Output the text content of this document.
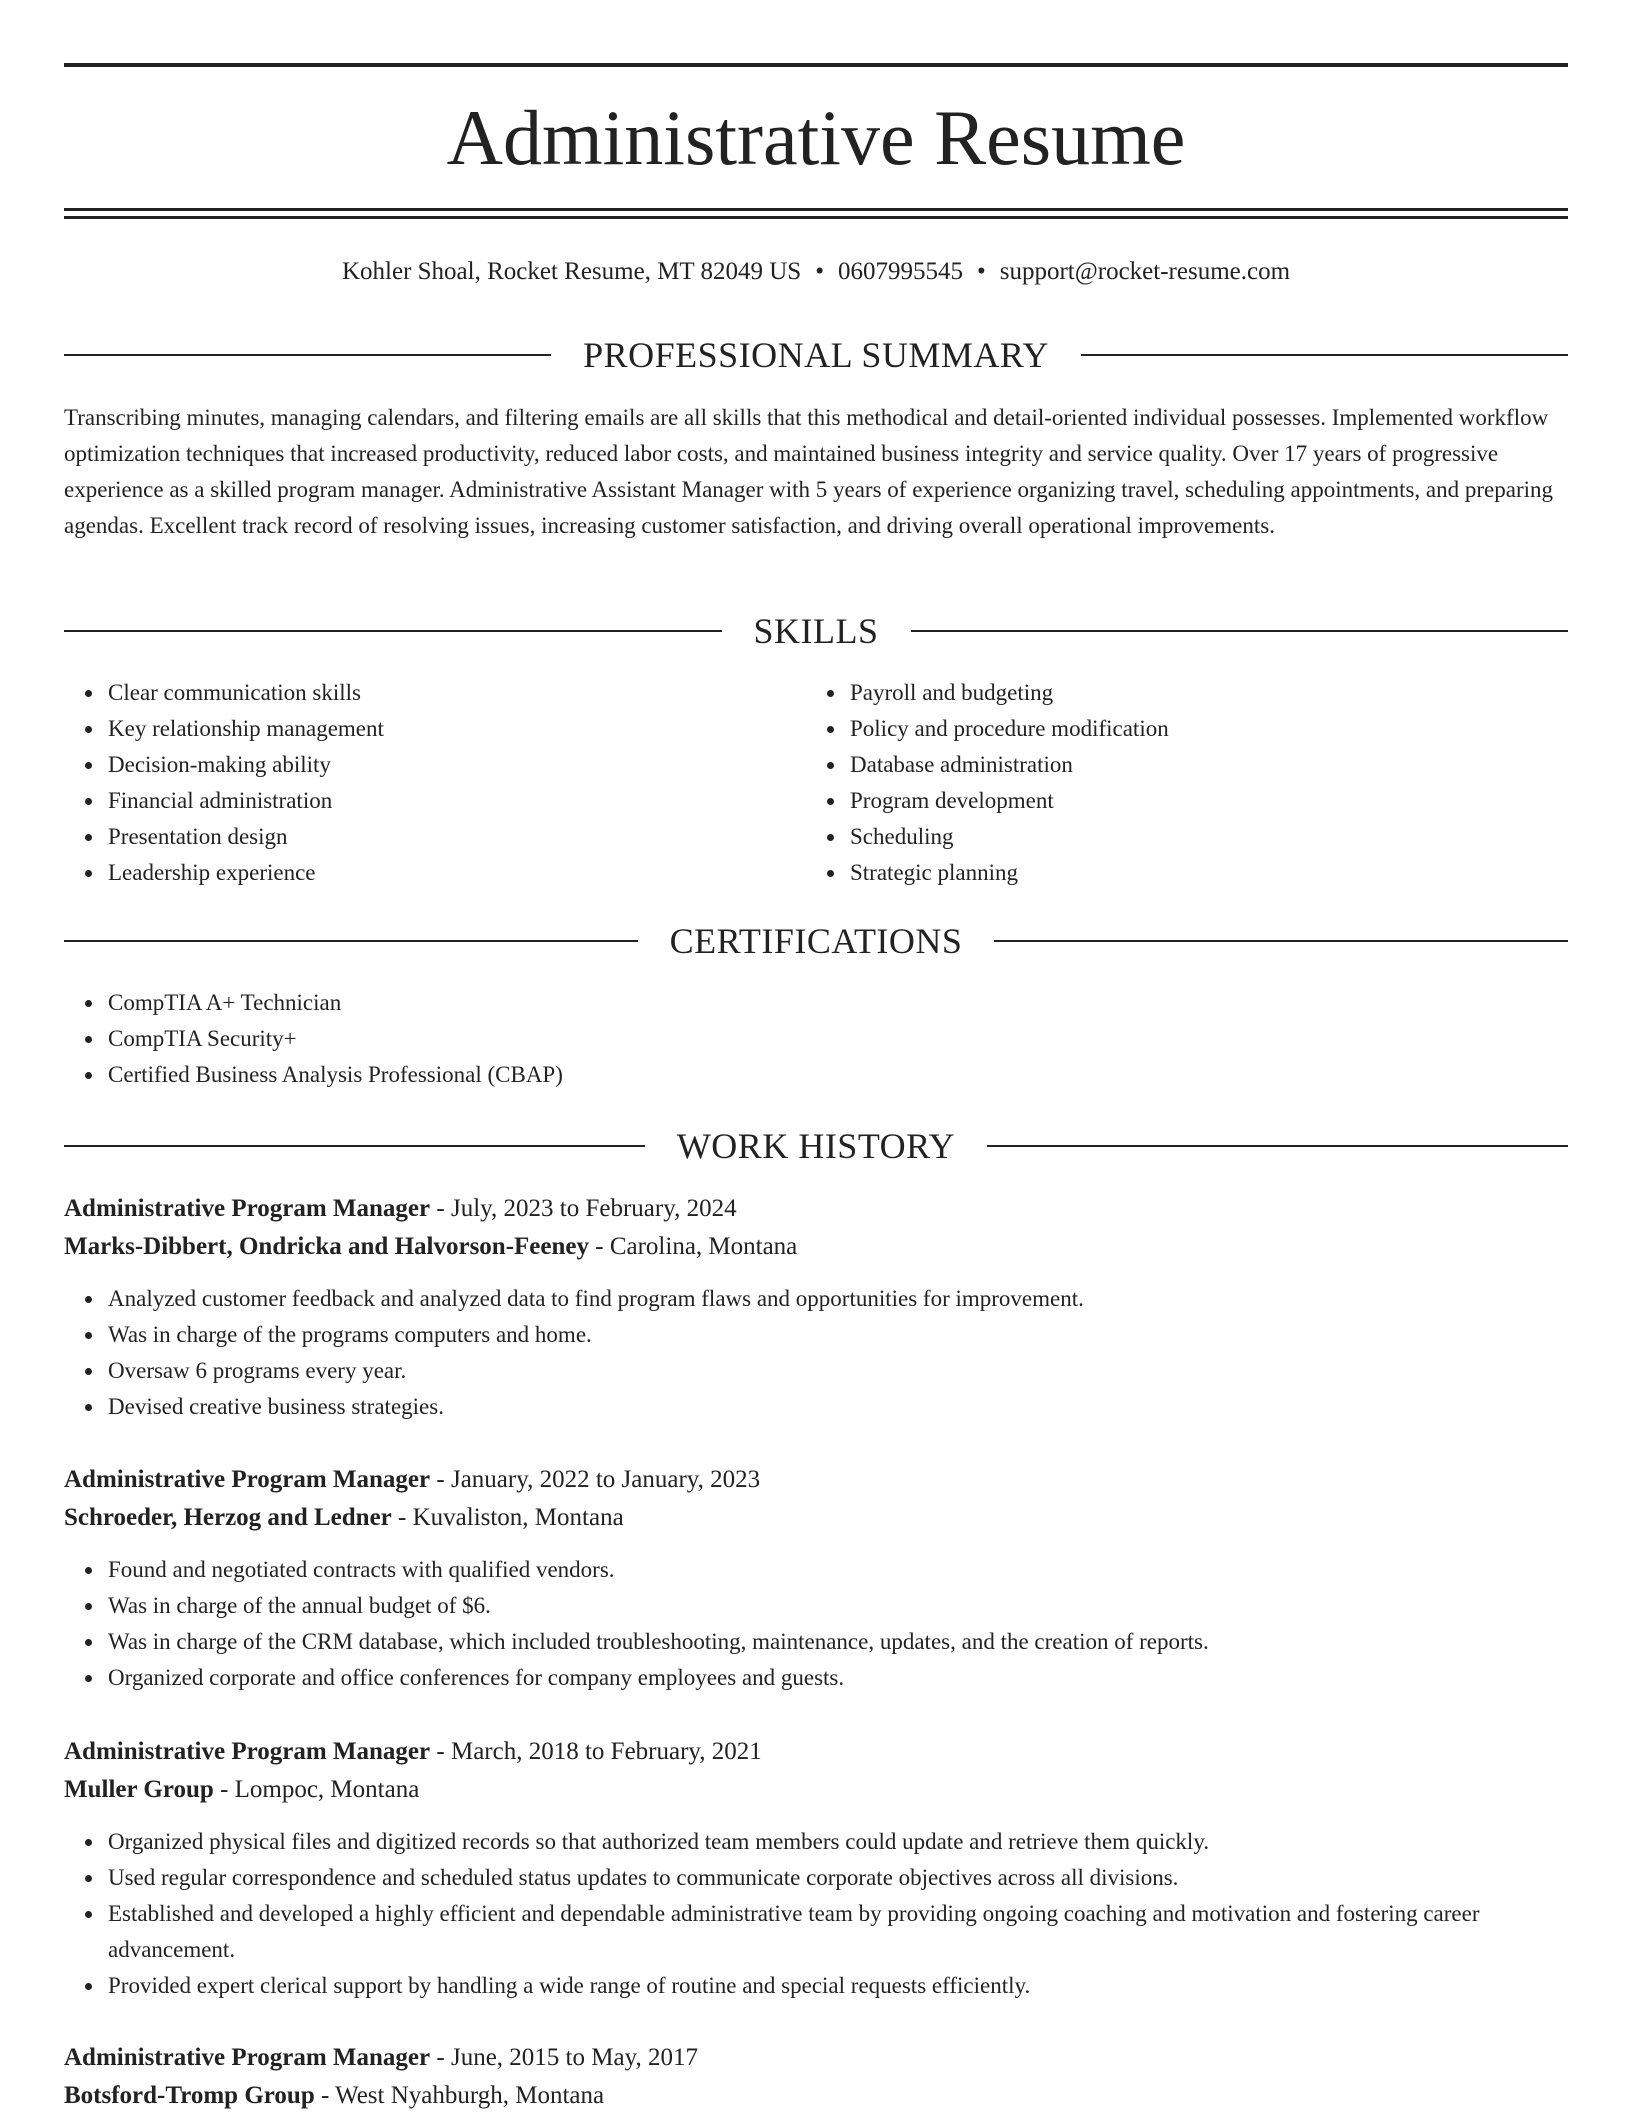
Administrative Resume
Kohler Shoal, Rocket Resume, MT 82049 US • 0607995545 • support@rocket-resume.com
PROFESSIONAL SUMMARY

Transcribing minutes, managing calendars, and filtering emails are all skills that this methodical and detail-oriented individual possesses. Implemented workflow optimization techniques that increased productivity, reduced labor costs, and maintained business integrity and service quality. Over 17 years of progressive experience as a skilled program manager. Administrative Assistant Manager with 5 years of experience organizing travel, scheduling appointments, and preparing agendas. Excellent track record of resolving issues, increasing customer satisfaction, and driving overall operational improvements.

SKILLS
Clear communication skills
Key relationship management
Decision-making ability
Financial administration
Presentation design
Leadership experience
Payroll and budgeting
Policy and procedure modification
Database administration
Program development
Scheduling
Strategic planning
CERTIFICATIONS
CompTIA A+ Technician
CompTIA Security+
Certified Business Analysis Professional (CBAP)
WORK HISTORY

Administrative Program Manager - July, 2023 to February, 2024

Marks-Dibbert, Ondricka and Halvorson-Feeney - Carolina, Montana

Analyzed customer feedback and analyzed data to find program flaws and opportunities for improvement.
Was in charge of the programs computers and home.
Oversaw 6 programs every year.
Devised creative business strategies.

Administrative Program Manager - January, 2022 to January, 2023

Schroeder, Herzog and Ledner - Kuvaliston, Montana

Found and negotiated contracts with qualified vendors.
Was in charge of the annual budget of $6.
Was in charge of the CRM database, which included troubleshooting, maintenance, updates, and the creation of reports.
Organized corporate and office conferences for company employees and guests.

Administrative Program Manager - March, 2018 to February, 2021

Muller Group - Lompoc, Montana

Organized physical files and digitized records so that authorized team members could update and retrieve them quickly.
Used regular correspondence and scheduled status updates to communicate corporate objectives across all divisions.
Established and developed a highly efficient and dependable administrative team by providing ongoing coaching and motivation and fostering career advancement.
Provided expert clerical support by handling a wide range of routine and special requests efficiently.

Administrative Program Manager - June, 2015 to May, 2017

Botsford-Tromp Group - West Nyahburgh, Montana
